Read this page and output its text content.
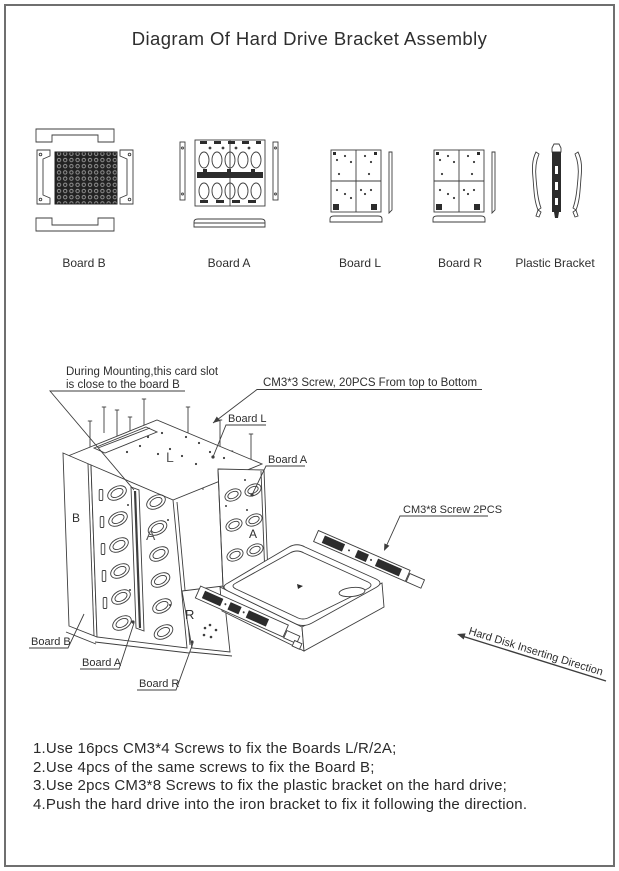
Diagram Of Hard Drive Bracket Assembly
Board B	Board A	Board L	Board R	Plastic Bracket
L
B
A	A
R
During Mounting,this card slot
is close to the board B	CM3*3 Screw, 20PCS From top to Bottom
Board L
Board A
CM3*8 Screw 2PCS
Board B
Board A
Board R
Hard Disk Inserting Direction
1.Use 16pcs CM3*4 Screws to fix the Boards L/R/2A;
2.Use 4pcs of the same screws to fix the Board B;
3.Use 2pcs CM3*8 Screws to fix the plastic bracket on the hard drive;
4.Push the hard drive into the iron bracket to fix it following the direction.
